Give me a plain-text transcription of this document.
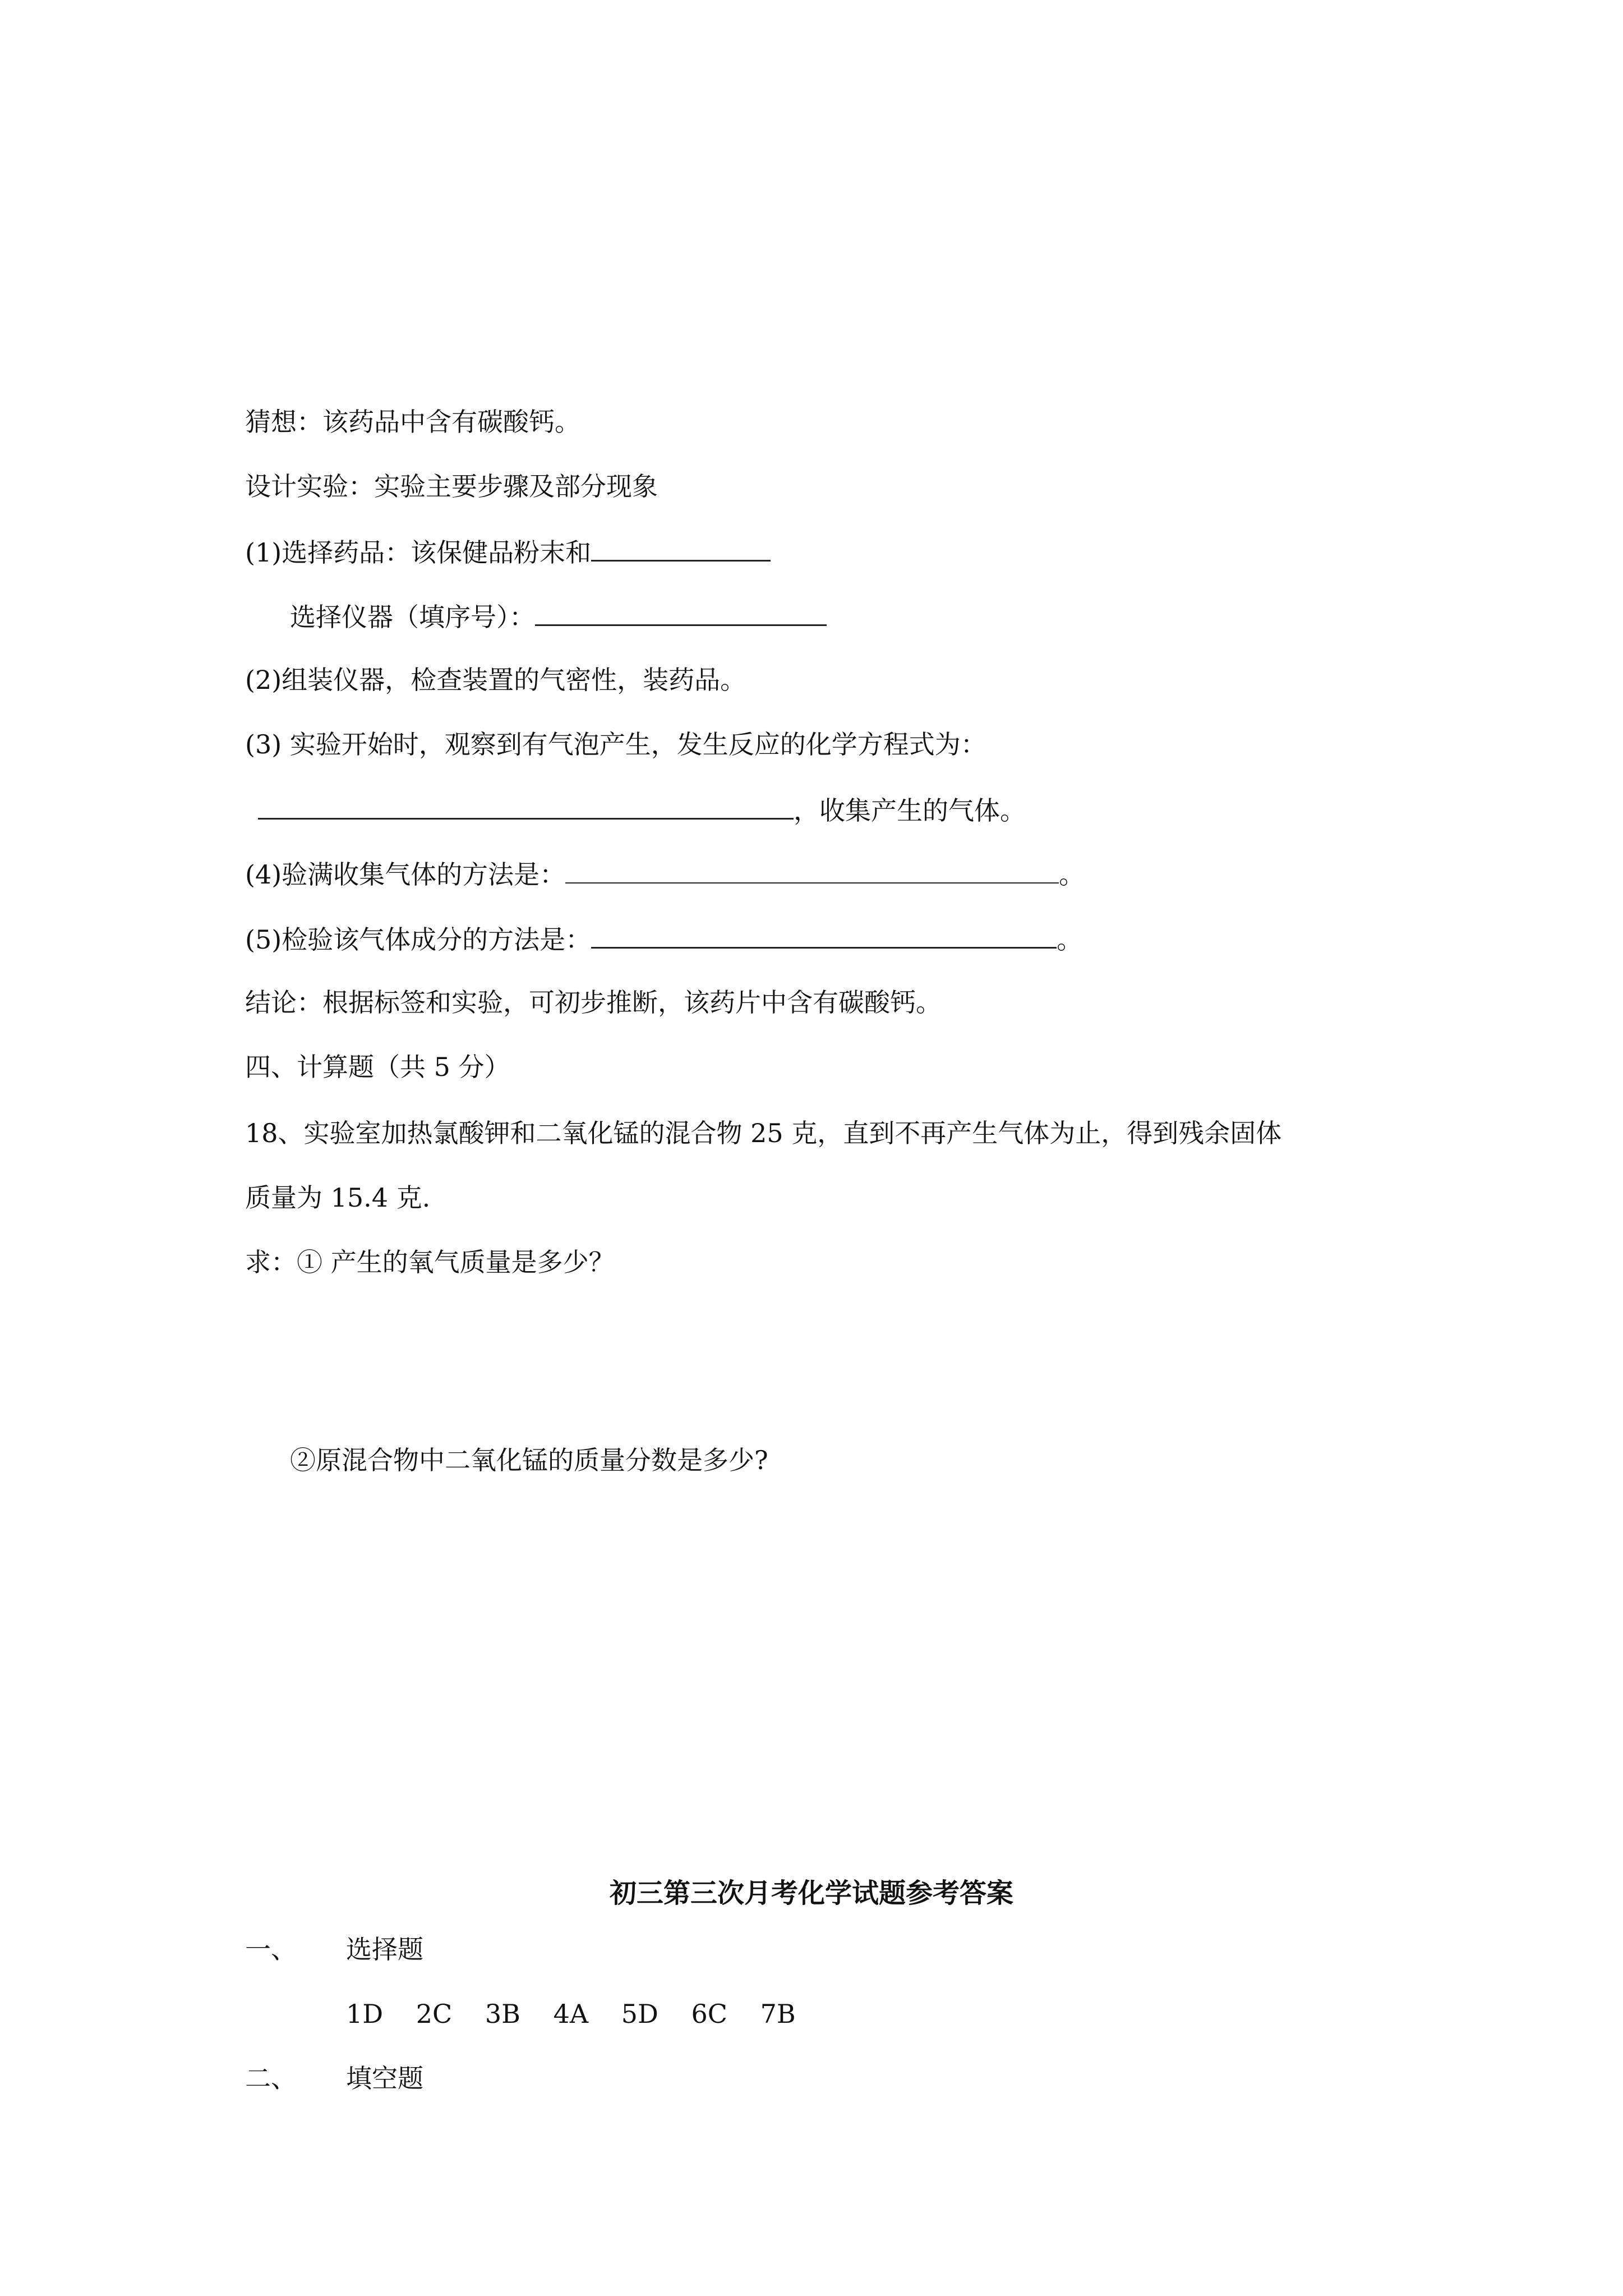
猜想：该药品中含有碳酸钙。
设计实验：实验主要步骤及部分现象
(1)选择药品：该保健品粉末和
选择仪器（填序号）：
(2)组装仪器，检查装置的气密性，装药品。
(3) 实验开始时，观察到有气泡产生，发生反应的化学方程式为：
，收集产生的气体。
(4)验满收集气体的方法是：	。
(5)检验该气体成分的方法是：	。
结论：根据标签和实验，可初步推断，该药片中含有碳酸钙。
四、计算题（共 5 分）
18、实验室加热氯酸钾和二氧化锰的混合物 25 克，直到不再产生气体为止，得到残余固体
质量为 15.4 克.
求：① 产生的氧气质量是多少？
②原混合物中二氧化锰的质量分数是多少?
初三第三次月考化学试题参考答案
一、 选择题
1D 2C 3B 4A 5D 6C 7B
二、 填空题
